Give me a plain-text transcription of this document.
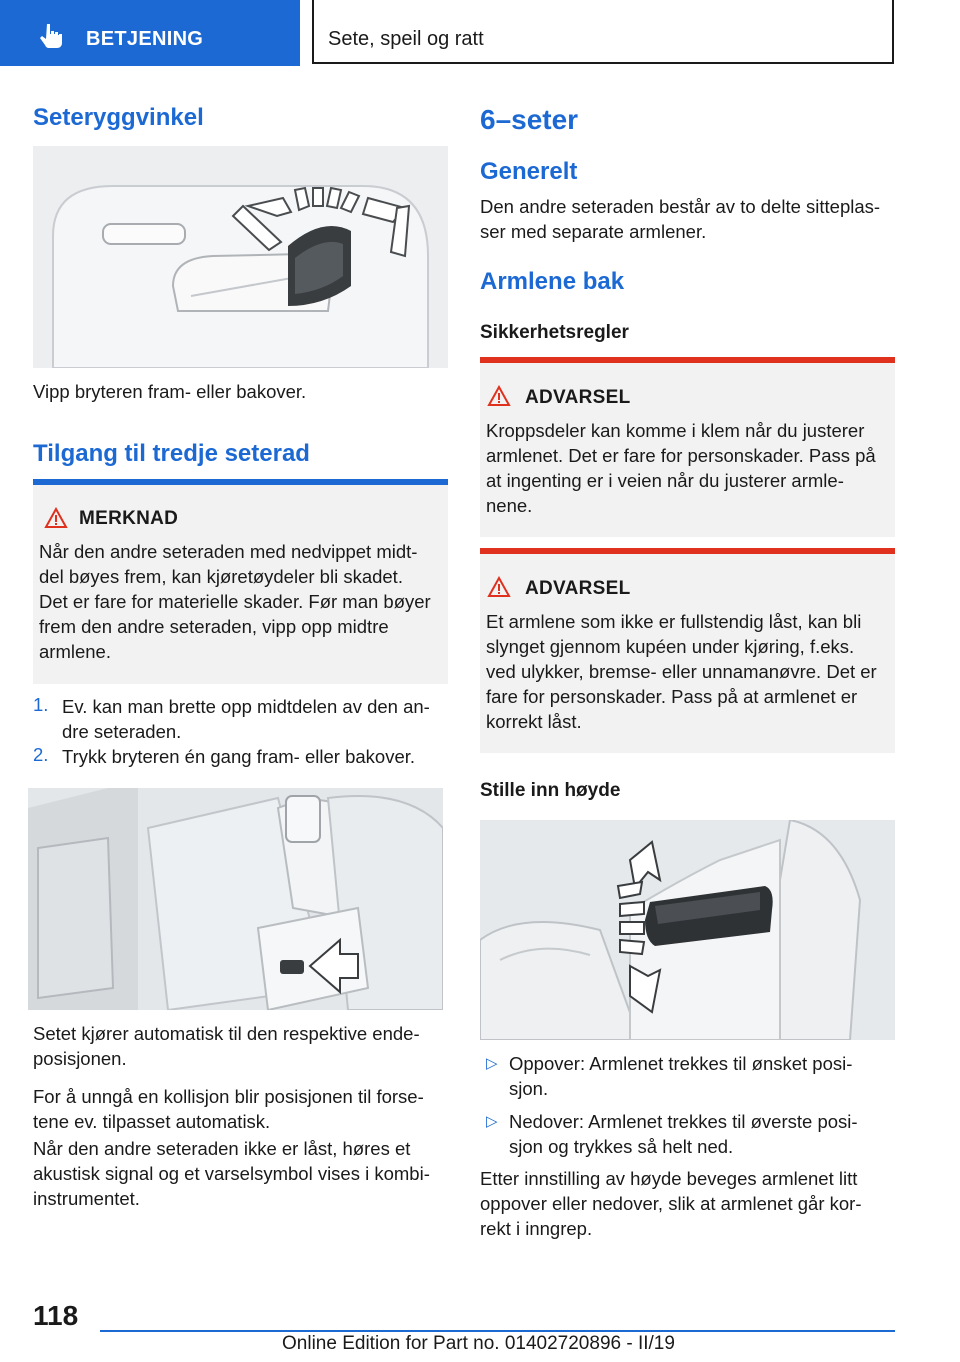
BETJENING	Sete, speil og ratt
Seteryggvinkel
Vipp bryteren fram- eller bakover.
Tilgang til tredje seterad
MERKNAD
Når den andre seteraden med nedvippet midt-
del bøyes frem, kan kjøretøydeler bli skadet.
Det er fare for materielle skader. Før man bøyer
frem den andre seteraden, vipp opp midtre
armlene.
1. Ev. kan man brette opp midtdelen av den an-
dre seteraden.
2. Trykk bryteren én gang fram- eller bakover.
Setet kjører automatisk til den respektive ende-
posisjonen.
For å unngå en kollisjon blir posisjonen til forse-
tene ev. tilpasset automatisk.
Når den andre seteraden ikke er låst, høres et
akustisk signal og et varselsymbol vises i kombi-
instrumentet.
6–seter
Generelt
Den andre seteraden består av to delte sitteplas-
ser med separate armlener.
Armlene bak
Sikkerhetsregler
ADVARSEL
Kroppsdeler kan komme i klem når du justerer
armlenet. Det er fare for personskader. Pass på
at ingenting er i veien når du justerer armle-
nene.
ADVARSEL
Et armlene som ikke er fullstendig låst, kan bli
slynget gjennom kupéen under kjøring, f.eks.
ved ulykker, bremse- eller unnamanøvre. Det er
fare for personskader. Pass på at armlenet er
korrekt låst.
Stille inn høyde
▷ Oppover: Armlenet trekkes til ønsket posi-
sjon.
▷ Nedover: Armlenet trekkes til øverste posi-
sjon og trykkes så helt ned.
Etter innstilling av høyde beveges armlenet litt
oppover eller nedover, slik at armlenet går kor-
rekt i inngrep.
118
Online Edition for Part no. 01402720896 - II/19
